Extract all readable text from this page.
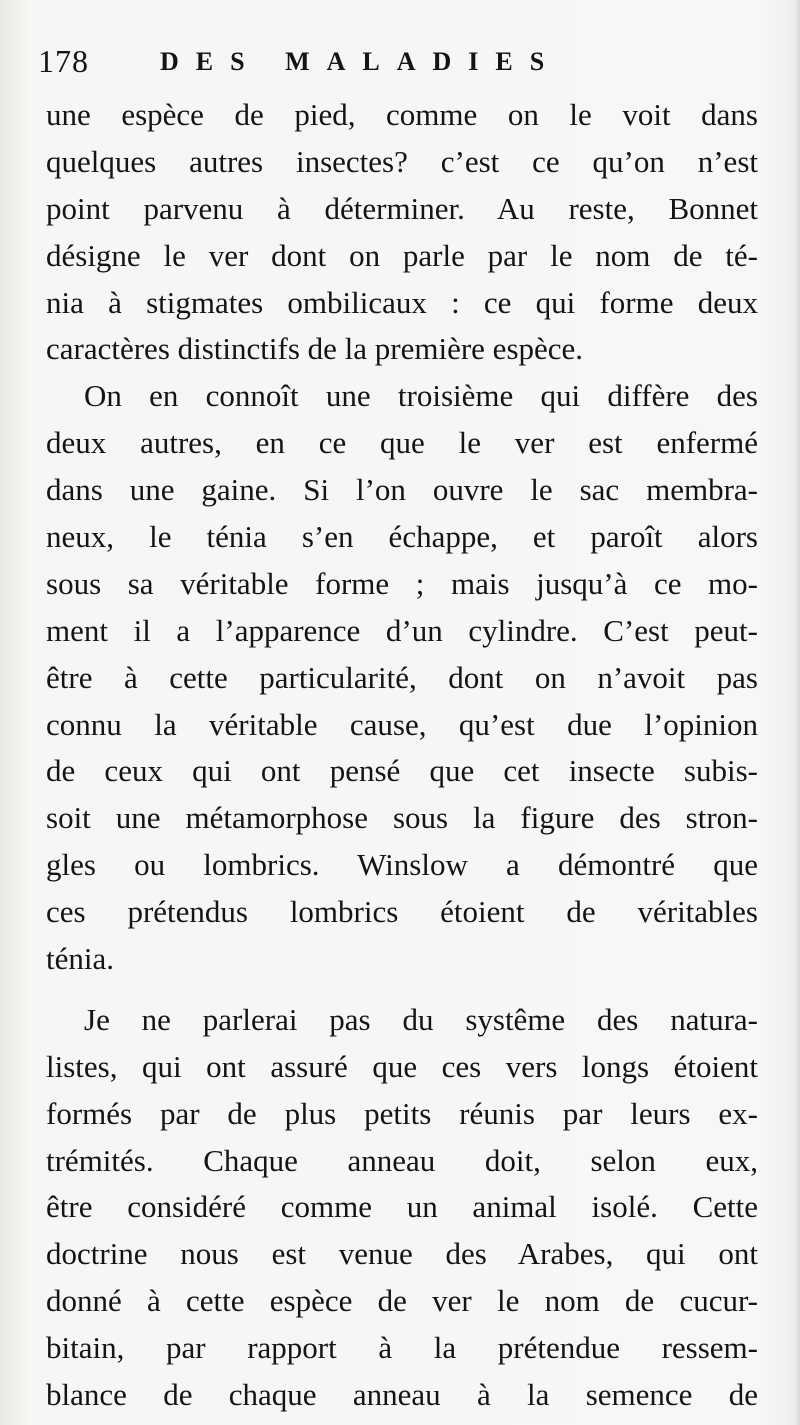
178	DES MALADIES
une espèce de pied, comme on le voit dans
quelques autres insectes? c’est ce qu’on n’est
point parvenu à déterminer. Au reste, Bonnet
désigne le ver dont on parle par le nom de té-
nia à stigmates ombilicaux : ce qui forme deux
caractères distinctifs de la première espèce.
On en connoît une troisième qui diffère des
deux autres, en ce que le ver est enfermé
dans une gaine. Si l’on ouvre le sac membra-
neux, le ténia s’en échappe, et paroît alors
sous sa véritable forme ; mais jusqu’à ce mo-
ment il a l’apparence d’un cylindre. C’est peut-
être à cette particularité, dont on n’avoit pas
connu la véritable cause, qu’est due l’opinion
de ceux qui ont pensé que cet insecte subis-
soit une métamorphose sous la figure des stron-
gles ou lombrics. Winslow a démontré que
ces prétendus lombrics étoient de véritables
ténia.
Je ne parlerai pas du systême des natura-
listes, qui ont assuré que ces vers longs étoient
formés par de plus petits réunis par leurs ex-
trémités. Chaque anneau doit, selon eux,
être considéré comme un animal isolé. Cette
doctrine nous est venue des Arabes, qui ont
donné à cette espèce de ver le nom de cucur-
bitain, par rapport à la prétendue ressem-
blance de chaque anneau à la semence de
